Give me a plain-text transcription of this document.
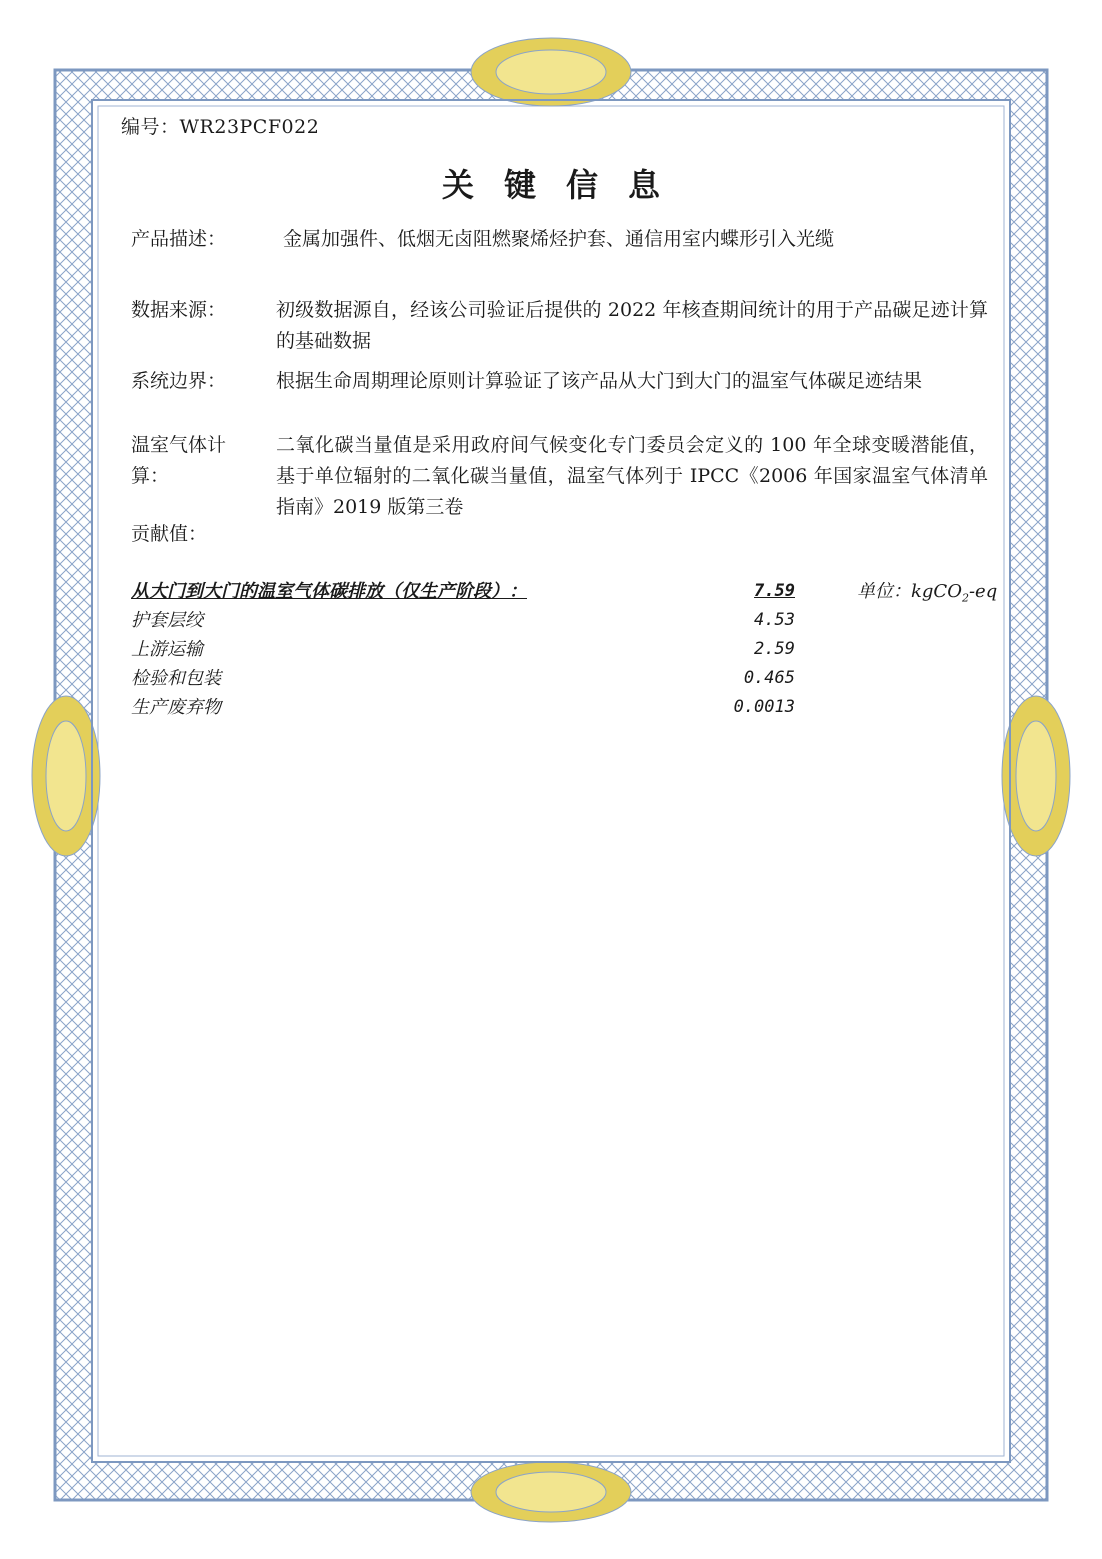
编号：WR23PCF022
关键信息
产品描述：	金属加强件、低烟无卤阻燃聚烯烃护套、通信用室内蝶形引入光缆
数据来源：	初级数据源自，经该公司验证后提供的 2022 年核查期间统计的用于产品碳足迹计算的基础数据
系统边界：	根据生命周期理论原则计算验证了该产品从大门到大门的温室气体碳足迹结果
温室气体计算：
二氧化碳当量值是采用政府间气候变化专门委员会定义的 100 年全球变暖潜能值，基于单位辐射的二氧化碳当量值，温室气体列于 IPCC《2006 年国家温室气体清单指南》2019 版第三卷
贡献值：
从大门到大门的温室气体碳排放（仅生产阶段）：	7.59	单位：kgCO$_2$-eq
护套层绞	4.53
上游运输	2.59
检验和包装	0.465
生产废弃物	0.0013
